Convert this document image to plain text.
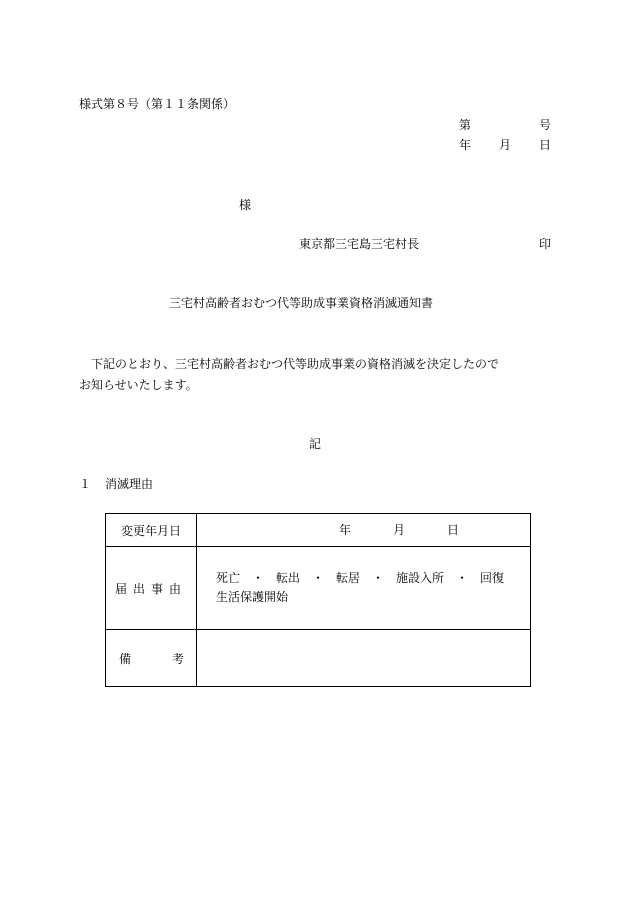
様式第８号（第１１条関係）
第	号
年 月 日
様
東京都三宅島三宅村長	印
三宅村高齢者おむつ代等助成事業資格消滅通知書
　下記のとおり、三宅村高齢者おむつ代等助成事業の資格消滅を決定したので
お知らせいたします。
記
１ 消滅理由
変更年月日	年 月 日

届出事由	死亡　・　転出　・　転居　・　施設入所　・　回復
生活保護開始

備 考	
